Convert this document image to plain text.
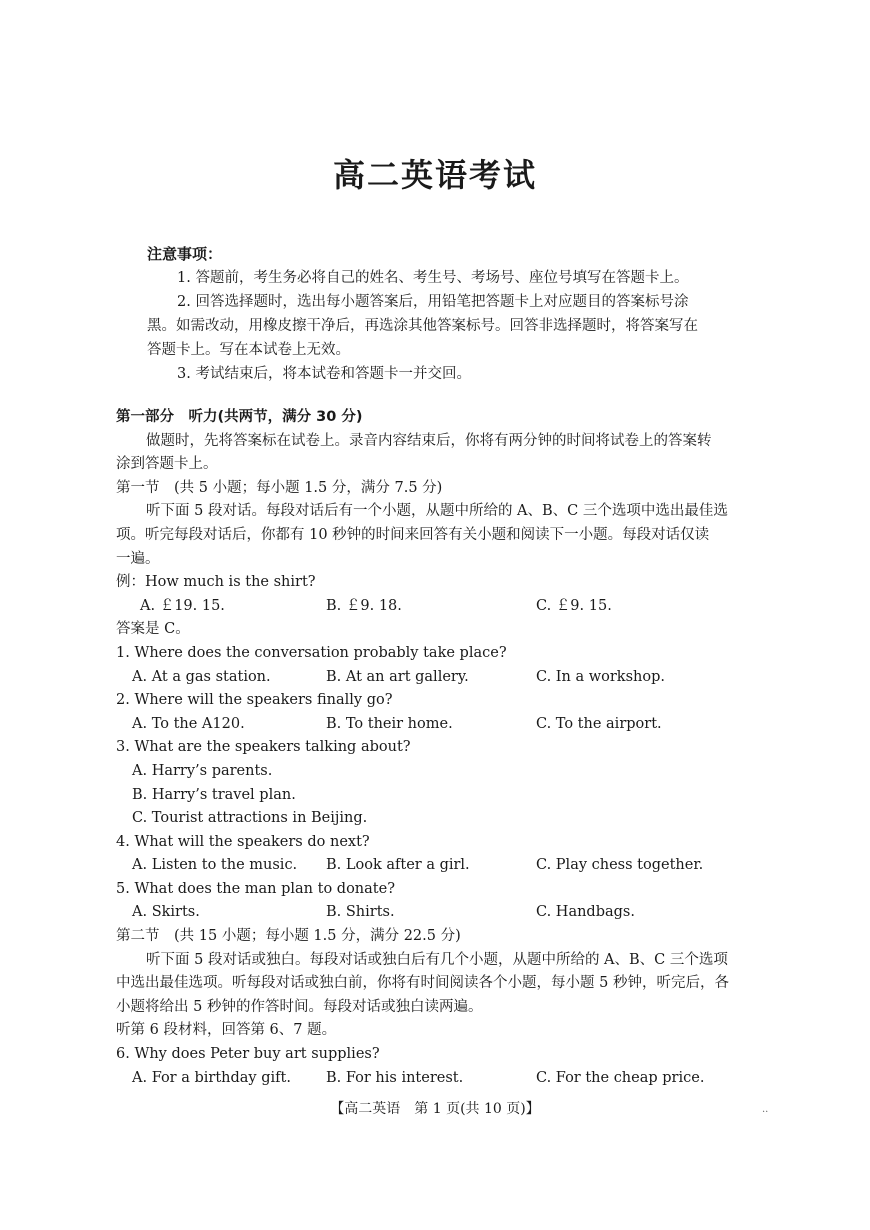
高二英语考试
注意事项：
1. 答题前，考生务必将自己的姓名、考生号、考场号、座位号填写在答题卡上。
2. 回答选择题时，选出每小题答案后，用铅笔把答题卡上对应题目的答案标号涂
黑。如需改动，用橡皮擦干净后，再选涂其他答案标号。回答非选择题时，将答案写在
答题卡上。写在本试卷上无效。
3. 考试结束后，将本试卷和答题卡一并交回。
第一部分　听力(共两节，满分 30 分)
做题时，先将答案标在试卷上。录音内容结束后，你将有两分钟的时间将试卷上的答案转
涂到答题卡上。
第一节　(共 5 小题；每小题 1.5 分，满分 7.5 分)
听下面 5 段对话。每段对话后有一个小题，从题中所给的 A、B、C 三个选项中选出最佳选
项。听完每段对话后，你都有 10 秒钟的时间来回答有关小题和阅读下一小题。每段对话仅读
一遍。
例：How much is the shirt?
A. ￡19. 15.	B. ￡9. 18.	C. ￡9. 15.
答案是 C。
1. Where does the conversation probably take place?
A. At a gas station.	B. At an art gallery.	C. In a workshop.
2. Where will the speakers finally go?
A. To the A120.	B. To their home.	C. To the airport.
3. What are the speakers talking about?
A. Harry’s parents.
B. Harry’s travel plan.
C. Tourist attractions in Beijing.
4. What will the speakers do next?
A. Listen to the music.	B. Look after a girl.	C. Play chess together.
5. What does the man plan to donate?
A. Skirts.	B. Shirts.	C. Handbags.
第二节　(共 15 小题；每小题 1.5 分，满分 22.5 分)
听下面 5 段对话或独白。每段对话或独白后有几个小题，从题中所给的 A、B、C 三个选项
中选出最佳选项。听每段对话或独白前，你将有时间阅读各个小题，每小题 5 秒钟，听完后，各
小题将给出 5 秒钟的作答时间。每段对话或独白读两遍。
听第 6 段材料，回答第 6、7 题。
6. Why does Peter buy art supplies?
A. For a birthday gift.	B. For his interest.	C. For the cheap price.
【高二英语　第 1 页(共 10 页)】	..
